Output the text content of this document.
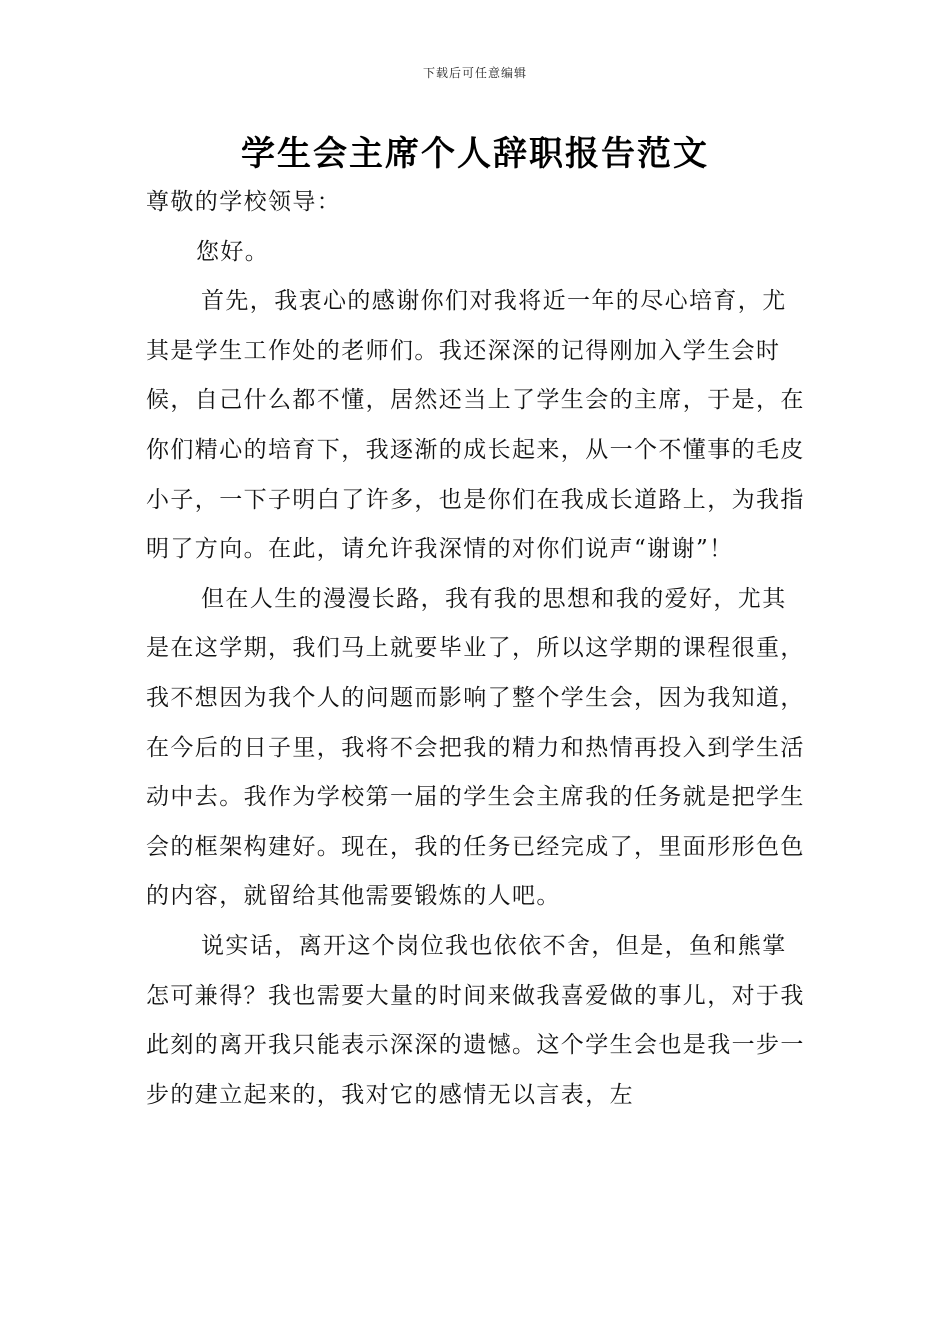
下载后可任意编辑
学生会主席个人辞职报告范文

尊敬的学校领导：

您好。

首先，我衷心的感谢你们对我将近一年的尽心培育，尤其是学生工作处的老师们。我还深深的记得刚加入学生会时候，自己什么都不懂，居然还当上了学生会的主席，于是，在你们精心的培育下，我逐渐的成长起来，从一个不懂事的毛皮小子，一下子明白了许多，也是你们在我成长道路上，为我指明了方向。在此，请允许我深情的对你们说声“谢谢”！

但在人生的漫漫长路，我有我的思想和我的爱好，尤其是在这学期，我们马上就要毕业了，所以这学期的课程很重，我不想因为我个人的问题而影响了整个学生会，因为我知道，在今后的日子里，我将不会把我的精力和热情再投入到学生活动中去。我作为学校第一届的学生会主席我的任务就是把学生会的框架构建好。现在，我的任务已经完成了，里面形形色色的内容，就留给其他需要锻炼的人吧。

说实话，离开这个岗位我也依依不舍，但是，鱼和熊掌怎可兼得？我也需要大量的时间来做我喜爱做的事儿，对于我此刻的离开我只能表示深深的遗憾。这个学生会也是我一步一步的建立起来的，我对它的感情无以言表，左
